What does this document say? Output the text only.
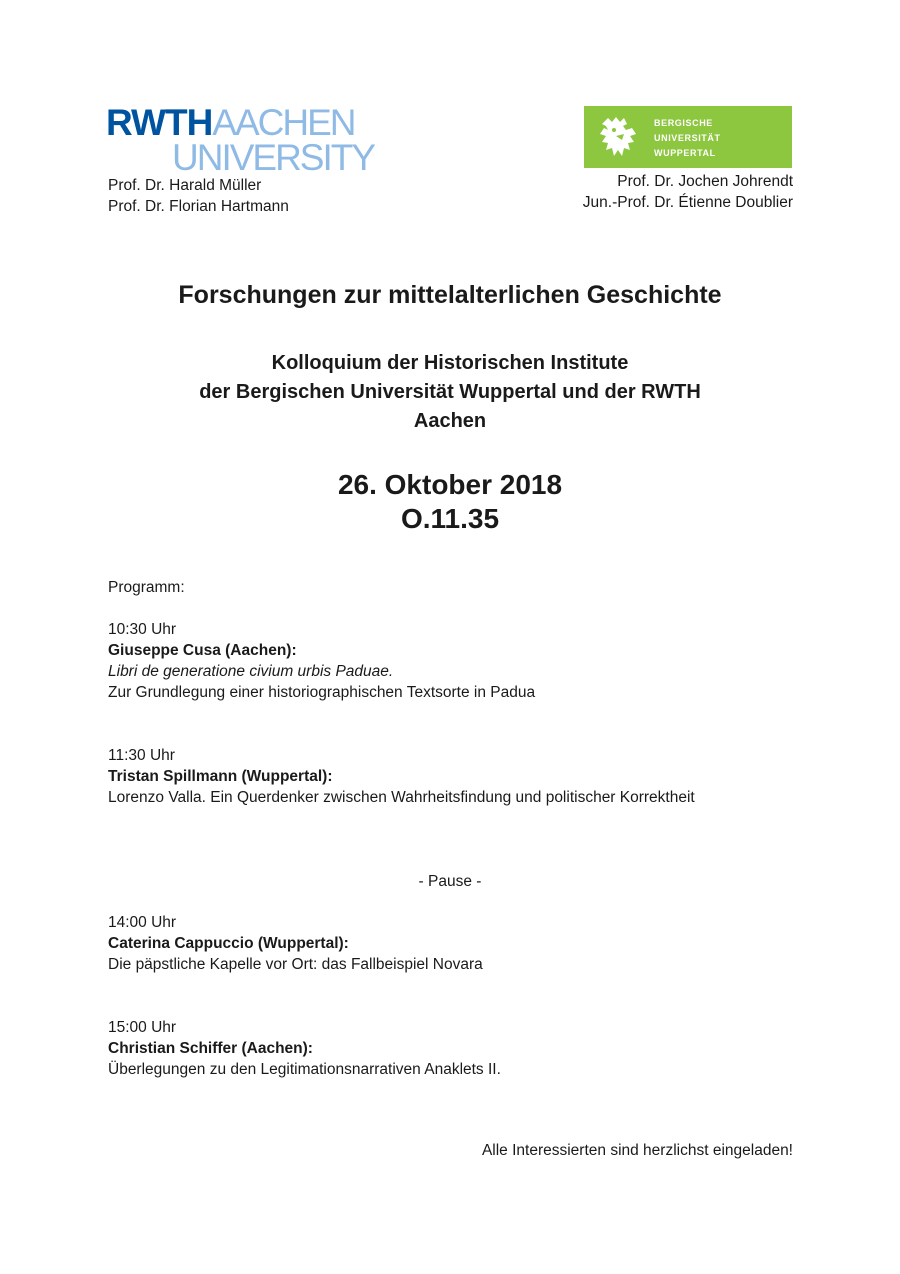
RWTHAACHEN
UNIVERSITY
Prof. Dr. Harald Müller
Prof. Dr. Florian Hartmann
BERGISCHE
UNIVERSITÄT
WUPPERTAL
Prof. Dr. Jochen Johrendt
Jun.-Prof. Dr. Étienne Doublier
Forschungen zur mittelalterlichen Geschichte
Kolloquium der Historischen Institute
der Bergischen Universität Wuppertal und der RWTH
Aachen
26. Oktober 2018
O.11.35
Programm:
10:30 Uhr
Giuseppe Cusa (Aachen):
Libri de generatione civium urbis Paduae.
Zur Grundlegung einer historiographischen Textsorte in Padua
11:30 Uhr
Tristan Spillmann (Wuppertal):
Lorenzo Valla. Ein Querdenker zwischen Wahrheitsfindung und politischer Korrektheit
- Pause -
14:00 Uhr
Caterina Cappuccio (Wuppertal):
Die päpstliche Kapelle vor Ort: das Fallbeispiel Novara
15:00 Uhr
Christian Schiffer (Aachen):
Überlegungen zu den Legitimationsnarrativen Anaklets II.
Alle Interessierten sind herzlichst eingeladen!
